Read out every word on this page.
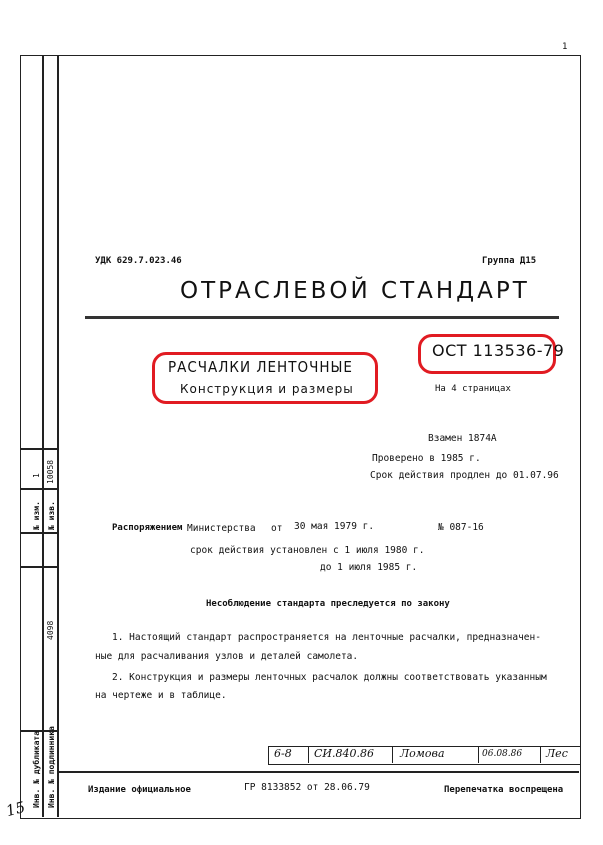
1
№ изм. № изв.
1 10058
4098
Инв. № дубликата Инв. № подлинника
15
УДК 629.7.023.46	Группа Д15
ОТРАСЛЕВОЙ СТАНДАРТ
РАСЧАЛКИ ЛЕНТОЧНЫЕ
Конструкция и размеры
ОСТ 113536-79
На 4 страницах
Взамен 1874А
Проверено в 1985 г.
Срок действия продлен до 01.07.96
Распоряжением Министерства от 30 мая 1979 г.	№ 087-16
срок действия установлен с 1 июля 1980 г.
до 1 июля 1985 г.
Несоблюдение стандарта преследуется по закону
1. Настоящий стандарт распространяется на ленточные расчалки, предназначен-
ные для расчаливания узлов и деталей самолета.
2. Конструкция и размеры ленточных расчалок должны соответствовать указанным
на чертеже и в таблице.
6-8 СИ.840.86 Ломова	06.08.86 Лес
Издание официальное	ГР 8133852 от 28.06.79	Перепечатка воспрещена
